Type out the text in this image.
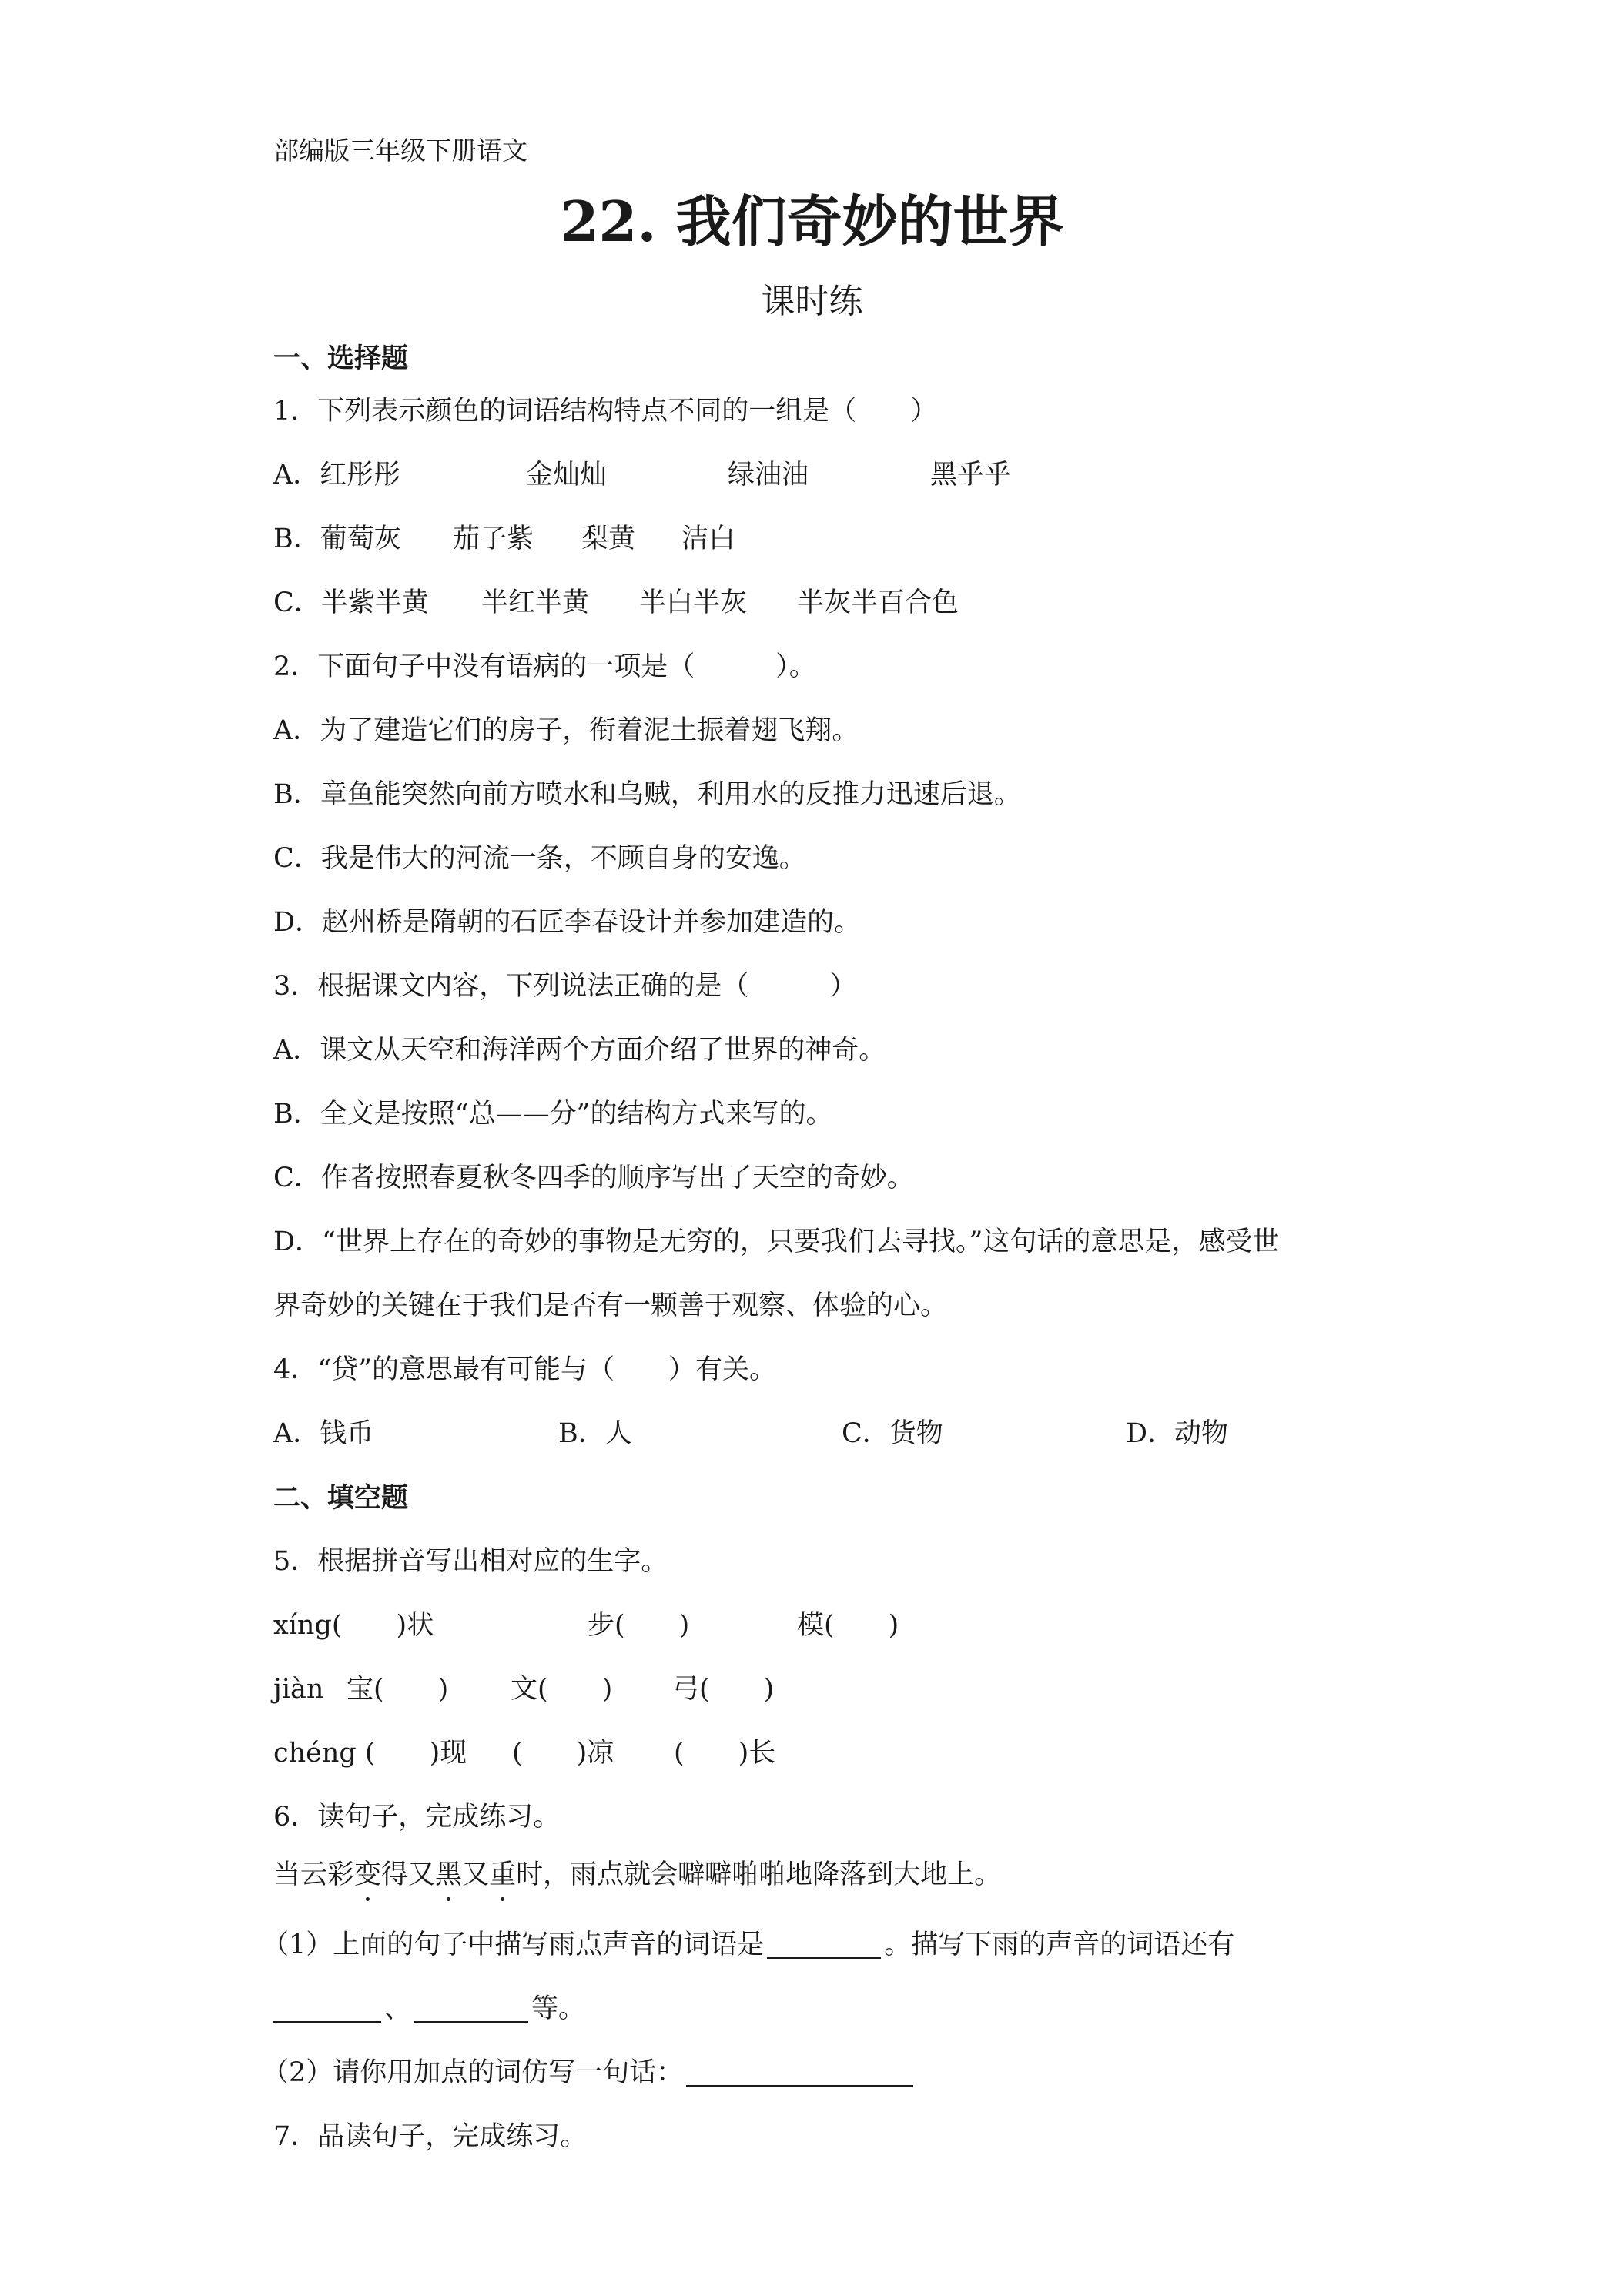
部编版三年级下册语文
22. 我们奇妙的世界
课时练
一、选择题
1．下列表示颜色的词语结构特点不同的一组是（　　）
A．红彤彤	金灿灿	绿油油	黑乎乎
B．葡萄灰 茄子紫 梨黄 洁白
C．半紫半黄 半红半黄 半白半灰 半灰半百合色
2．下面句子中没有语病的一项是（　　　）。
A．为了建造它们的房子，衔着泥土振着翅飞翔。
B．章鱼能突然向前方喷水和乌贼，利用水的反推力迅速后退。
C．我是伟大的河流一条，不顾自身的安逸。
D．赵州桥是隋朝的石匠李春设计并参加建造的。
3．根据课文内容，下列说法正确的是（　　　）
A．课文从天空和海洋两个方面介绍了世界的神奇。
B．全文是按照“总——分”的结构方式来写的。
C．作者按照春夏秋冬四季的顺序写出了天空的奇妙。
D．“世界上存在的奇妙的事物是无穷的，只要我们去寻找。”这句话的意思是，感受世
界奇妙的关键在于我们是否有一颗善于观察、体验的心。
4．“贷”的意思最有可能与（　　）有关。
A．钱币	B．人	C．货物	D．动物
二、填空题
5．根据拼音写出相对应的生字。
xíng(　　)状	步(　　)	模(　　)
jiàn 宝(　　) 文(　　) 弓(　　)
chéng (　　)现 (　　)凉 (　　)长
6．读句子，完成练习。
当云彩变得又黑又重时，雨点就会噼噼啪啪地降落到大地上。
（1）上面的句子中描写雨点声音的词语是	。描写下雨的声音的词语还有
、	等。
（2）请你用加点的词仿写一句话：
7．品读句子，完成练习。
